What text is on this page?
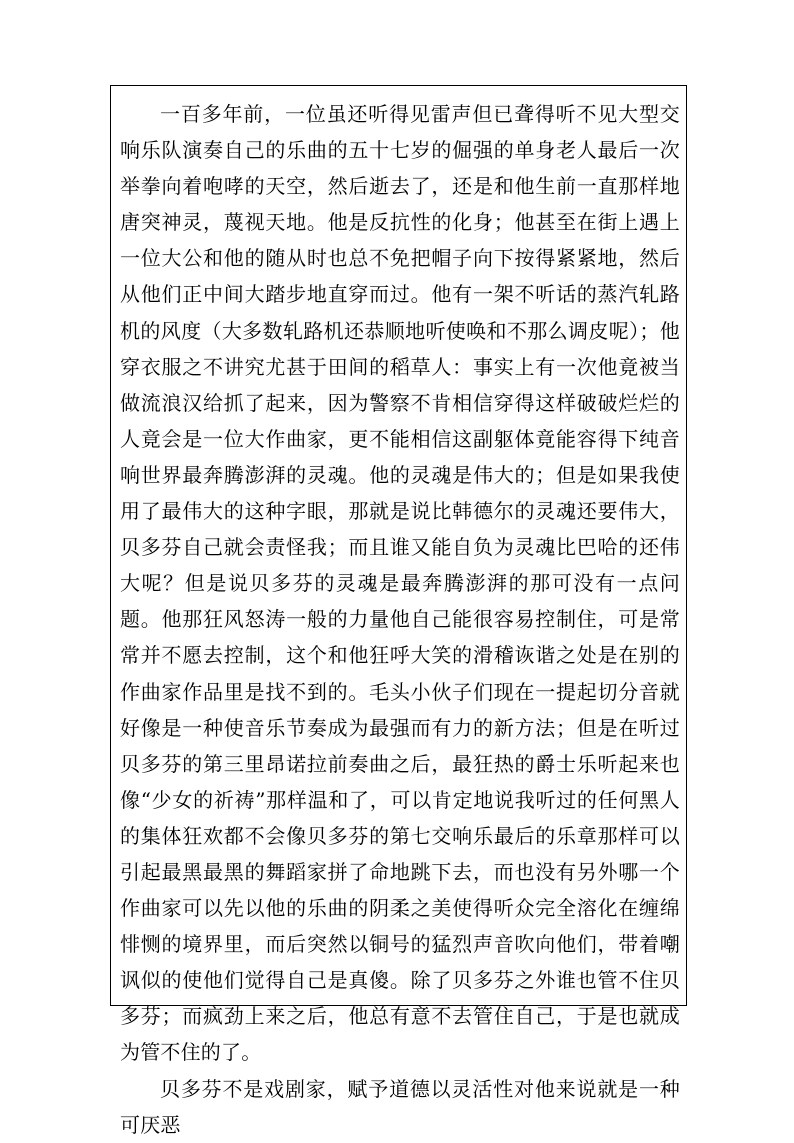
一百多年前，一位虽还听得见雷声但已聋得听不见大型交响乐队演奏自己的乐曲的五十七岁的倔强的单身老人最后一次举拳向着咆哮的天空，然后逝去了，还是和他生前一直那样地唐突神灵，蔑视天地。他是反抗性的化身；他甚至在街上遇上一位大公和他的随从时也总不免把帽子向下按得紧紧地，然后从他们正中间大踏步地直穿而过。他有一架不听话的蒸汽轧路机的风度（大多数轧路机还恭顺地听使唤和不那么调皮呢）；他穿衣服之不讲究尤甚于田间的稻草人：事实上有一次他竟被当做流浪汉给抓了起来，因为警察不肯相信穿得这样破破烂烂的人竟会是一位大作曲家，更不能相信这副躯体竟能容得下纯音响世界最奔腾澎湃的灵魂。他的灵魂是伟大的；但是如果我使用了最伟大的这种字眼，那就是说比韩德尔的灵魂还要伟大，贝多芬自己就会责怪我；而且谁又能自负为灵魂比巴哈的还伟大呢？但是说贝多芬的灵魂是最奔腾澎湃的那可没有一点问题。他那狂风怒涛一般的力量他自己能很容易控制住，可是常常并不愿去控制，这个和他狂呼大笑的滑稽诙谐之处是在别的作曲家作品里是找不到的。毛头小伙子们现在一提起切分音就好像是一种使音乐节奏成为最强而有力的新方法；但是在听过贝多芬的第三里昂诺拉前奏曲之后，最狂热的爵士乐听起来也像“少女的祈祷”那样温和了，可以肯定地说我听过的任何黑人的集体狂欢都不会像贝多芬的第七交响乐最后的乐章那样可以引起最黑最黑的舞蹈家拼了命地跳下去，而也没有另外哪一个作曲家可以先以他的乐曲的阴柔之美使得听众完全溶化在缠绵悱恻的境界里，而后突然以铜号的猛烈声音吹向他们，带着嘲讽似的使他们觉得自己是真傻。除了贝多芬之外谁也管不住贝多芬；而疯劲上来之后，他总有意不去管住自己，于是也就成为管不住的了。

贝多芬不是戏剧家，赋予道德以灵活性对他来说就是一种可厌恶
